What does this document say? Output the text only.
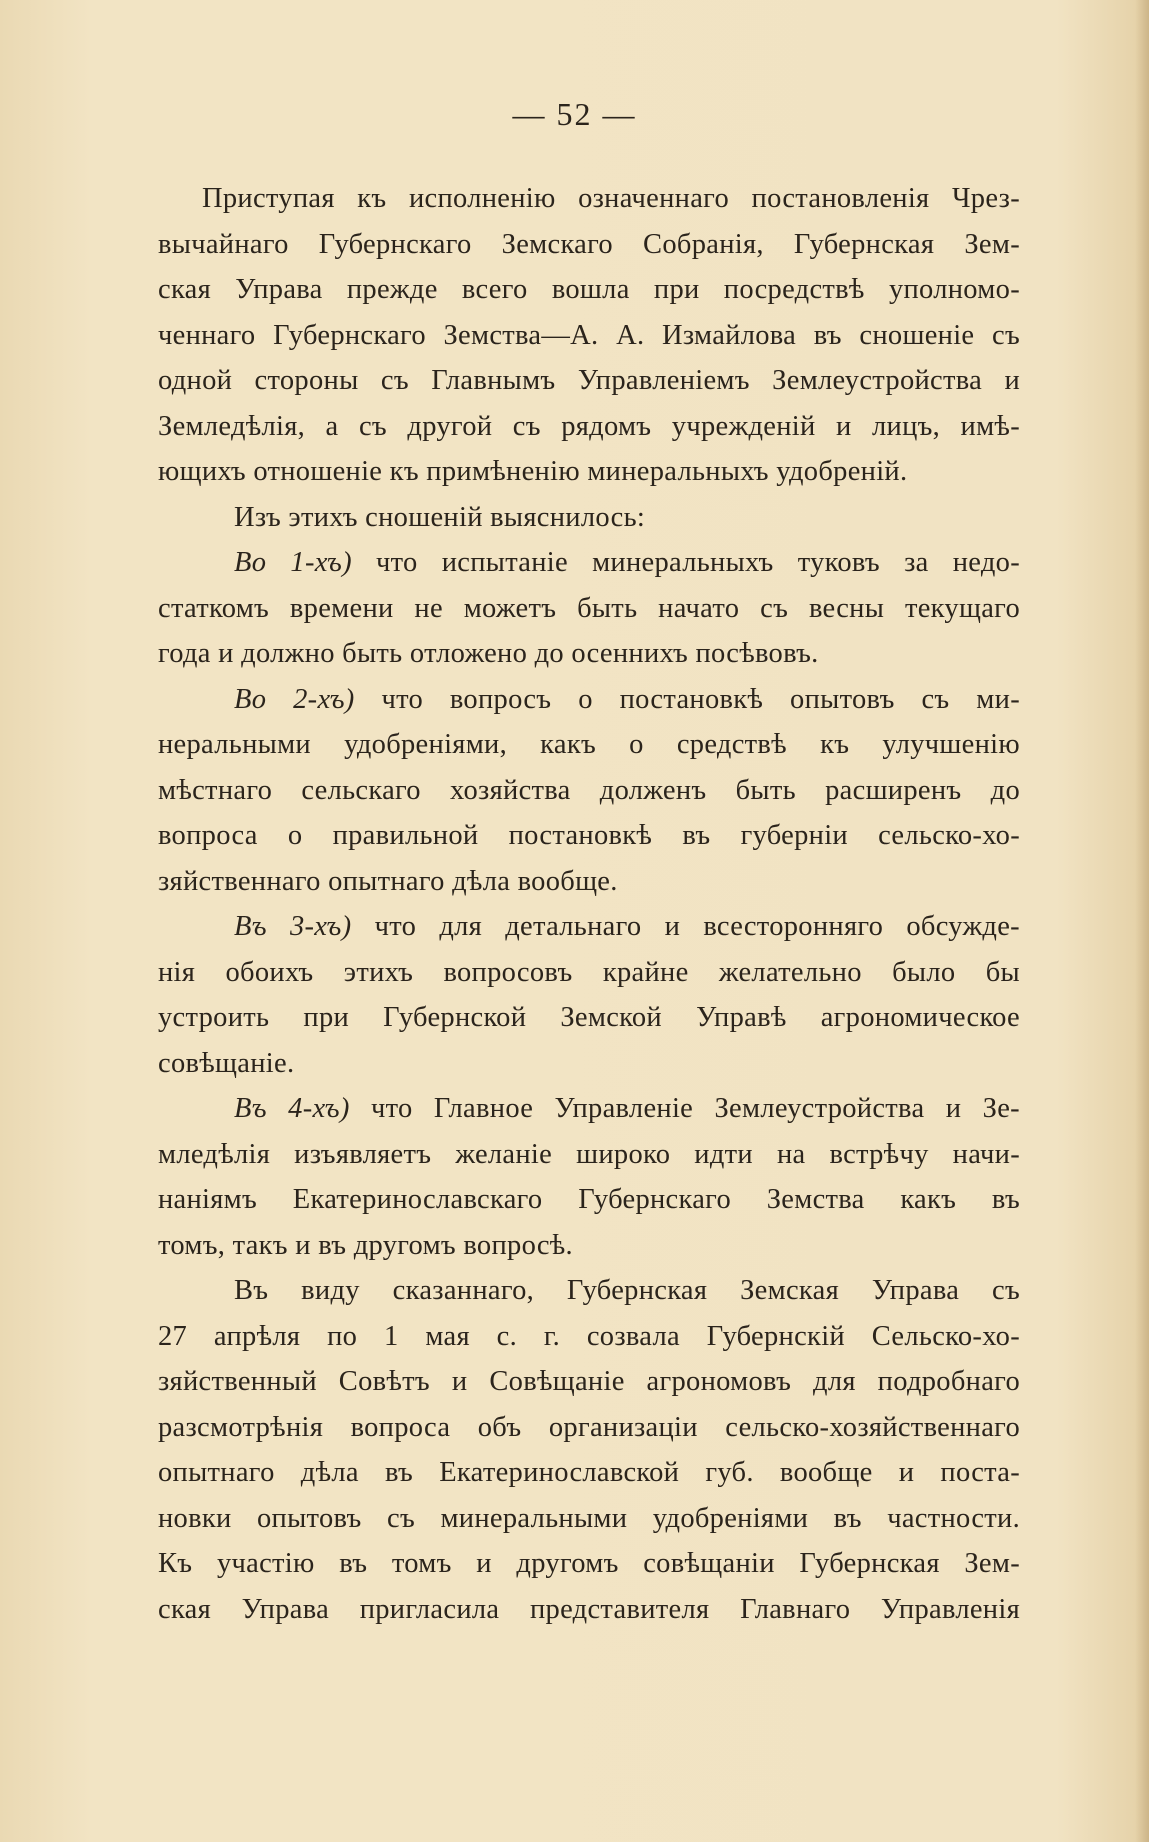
— 52 —
Приступая къ исполненію означеннаго постановленія Чрез-
вычайнаго Губернскаго Земскаго Собранія, Губернская Зем-
ская Управа прежде всего вошла при посредствѣ уполномо-
ченнаго Губернскаго Земства—А. А. Измайлова въ сношеніе съ
одной стороны съ Главнымъ Управленіемъ Землеустройства и
Земледѣлія, а съ другой съ рядомъ учрежденій и лицъ, имѣ-
ющихъ отношеніе къ примѣненію минеральныхъ удобреній.
Изъ этихъ сношеній выяснилось:
Во 1-хъ) что испытаніе минеральныхъ туковъ за недо-
статкомъ времени не можетъ быть начато съ весны текущаго
года и должно быть отложено до осеннихъ посѣвовъ.
Во 2-хъ) что вопросъ о постановкѣ опытовъ съ ми-
неральными удобреніями, какъ о средствѣ къ улучшенію
мѣстнаго сельскаго хозяйства долженъ быть расширенъ до
вопроса о правильной постановкѣ въ губерніи сельско-хо-
зяйственнаго опытнаго дѣла вообще.
Въ 3-хъ) что для детальнаго и всесторонняго обсужде-
нія обоихъ этихъ вопросовъ крайне желательно было бы
устроить при Губернской Земской Управѣ агрономическое
совѣщаніе.
Въ 4-хъ) что Главное Управленіе Землеустройства и Зе-
мледѣлія изъявляетъ желаніе широко идти на встрѣчу начи-
наніямъ Екатеринославскаго Губернскаго Земства какъ въ
томъ, такъ и въ другомъ вопросѣ.
Въ виду сказаннаго, Губернская Земская Управа съ
27 апрѣля по 1 мая с. г. созвала Губернскій Сельско-хо-
зяйственный Совѣтъ и Совѣщаніе агрономовъ для подробнаго
разсмотрѣнія вопроса объ организаціи сельско-хозяйственнаго
опытнаго дѣла въ Екатеринославской губ. вообще и поста-
новки опытовъ съ минеральными удобреніями въ частности.
Къ участію въ томъ и другомъ совѣщаніи Губернская Зем-
ская Управа пригласила представителя Главнаго Управленія
